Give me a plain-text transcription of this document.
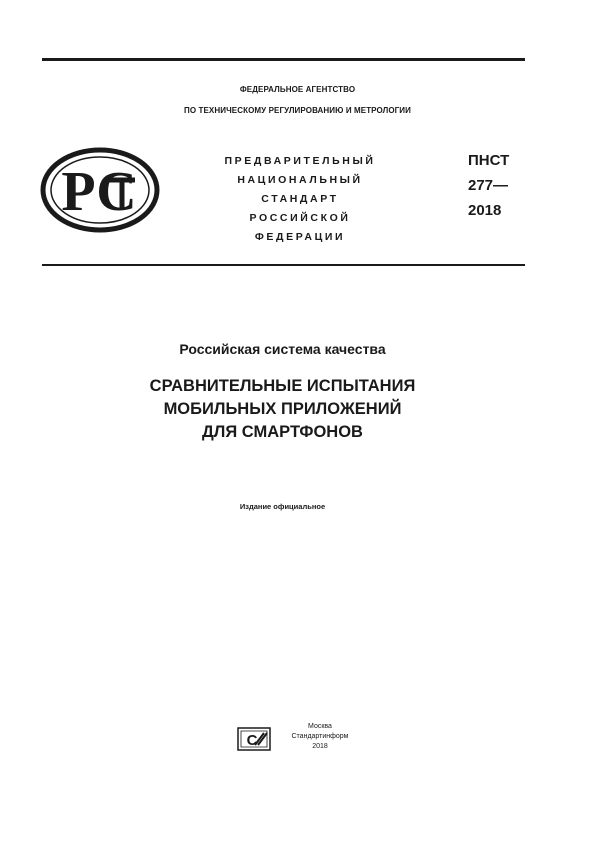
ФЕДЕРАЛЬНОЕ АГЕНТСТВО
ПО ТЕХНИЧЕСКОМУ РЕГУЛИРОВАНИЮ И МЕТРОЛОГИИ
РС	ПРЕДВАРИТЕЛЬНЫЙ
НАЦИОНАЛЬНЫЙ
СТАНДАРТ
РОССИЙСКОЙ
ФЕДЕРАЦИИ
ПНСТ
277—
2018
Российская система качества
СРАВНИТЕЛЬНЫЕ ИСПЫТАНИЯ
МОБИЛЬНЫХ ПРИЛОЖЕНИЙ
ДЛЯ СМАРТФОНОВ
Издание официальное
С
Москва
Стандартинформ
2018
